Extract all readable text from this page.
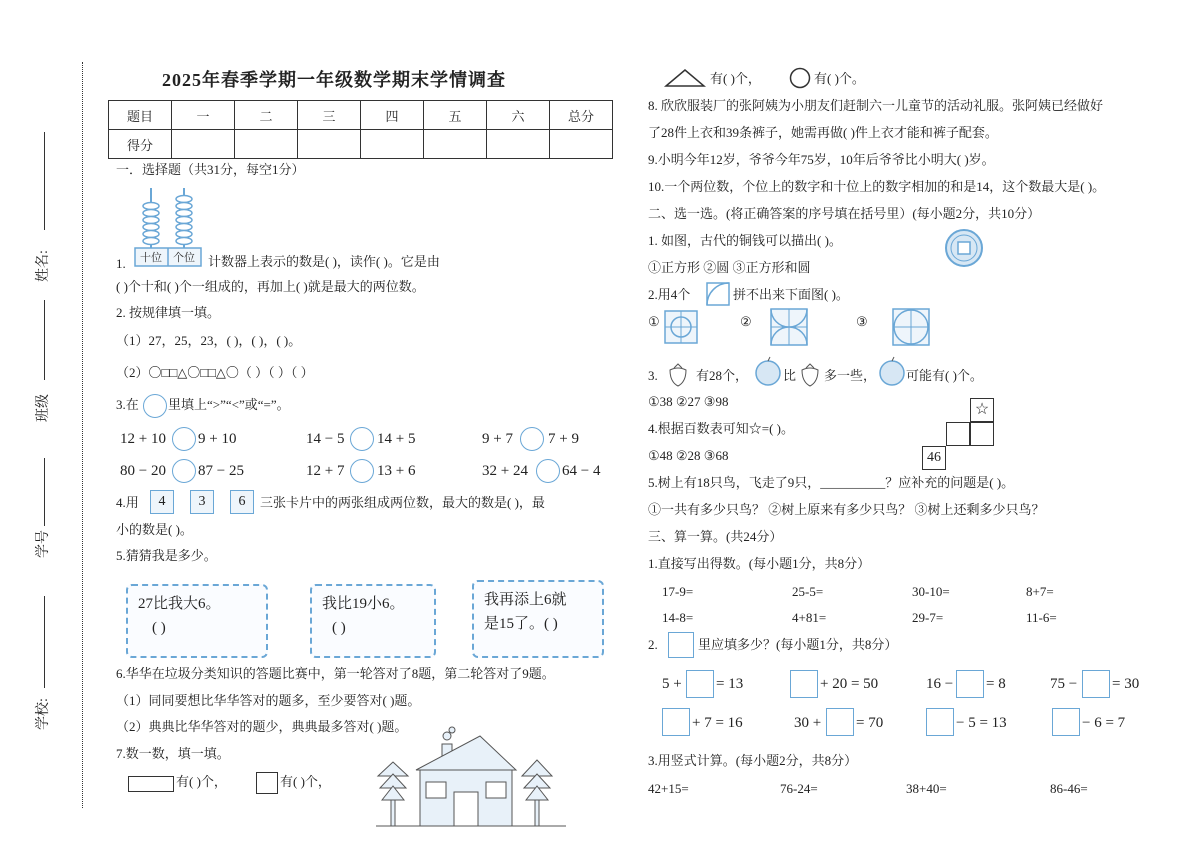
姓名:
班级
学号
学校:
2025年春季学期一年级数学期末学情调查
题目	一	二	三	四	五	六	总分
得分							
一．选择题（共31分，每空1分）
十位 个位
1.	计数器上表示的数是( )，读作( )。它是由
( )个十和( )个一组成的，再加上( )就是最大的两位数。
2. 按规律填一填。
（1）27，25，23，( )，( )，( )。
（2）〇□□△〇□□△〇（ ）（ ）（ ）
3.在 里填上“>”“<”或“=”。
12 + 10 9 + 10	14 − 5 14 + 5	9 + 7 7 + 9
80 − 20 87 − 25	12 + 7 13 + 6	32 + 24 64 − 4
4.用	4	3	6	三张卡片中的两张组成两位数，最大的数是( )，最
小的数是( )。
5.猜猜我是多少。
27比我大6。
( )
我比19小6。
( )
我再添上6就
是15了。( )
6.华华在垃圾分类知识的答题比赛中，第一轮答对了8题，第二轮答对了9题。
（1）同同要想比华华答对的题多，至少要答对( )题。
（2）典典比华华答对的题少，典典最多答对( )题。
7.数一数，填一填。
有( )个，	有( )个，
有( )个，	有( )个。
8. 欣欣服装厂的张阿姨为小朋友们赶制六一儿童节的活动礼服。张阿姨已经做好
了28件上衣和39条裤子，她需再做( )件上衣才能和裤子配套。
9.小明今年12岁，爷爷今年75岁，10年后爷爷比小明大( )岁。
10.一个两位数，个位上的数字和十位上的数字相加的和是14，这个数最大是( )。
二、选一选。(将正确答案的序号填在括号里）(每小题2分，共10分）
1. 如图，古代的铜钱可以描出( )。
①正方形 ②圆 ③正方形和圆
2.用4个	拼不出来下面图( )。
①	②	③
3.	有28个，	比 多一些， 可能有( )个。
①38 ②27 ③98	☆
46
4.根据百数表可知☆=( )。
①48 ②28 ③68
5.树上有18只鸟，飞走了9只，__________？应补充的问题是( )。
①一共有多少只鸟？ ②树上原来有多少只鸟？ ③树上还剩多少只鸟？
三、算一算。(共24分）
1.直接写出得数。(每小题1分，共8分）
17-9=	25-5=	30-10=	8+7=
14-8=	4+81=	29-7=	11-6=
2.	里应填多少？(每小题1分，共8分）
5 + = 13	+ 20 = 50	16 − = 8	75 − = 30
+ 7 = 16	30 + = 70	− 5 = 13	− 6 = 7
3.用竖式计算。(每小题2分，共8分）
42+15=	76-24=	38+40=	86-46=
